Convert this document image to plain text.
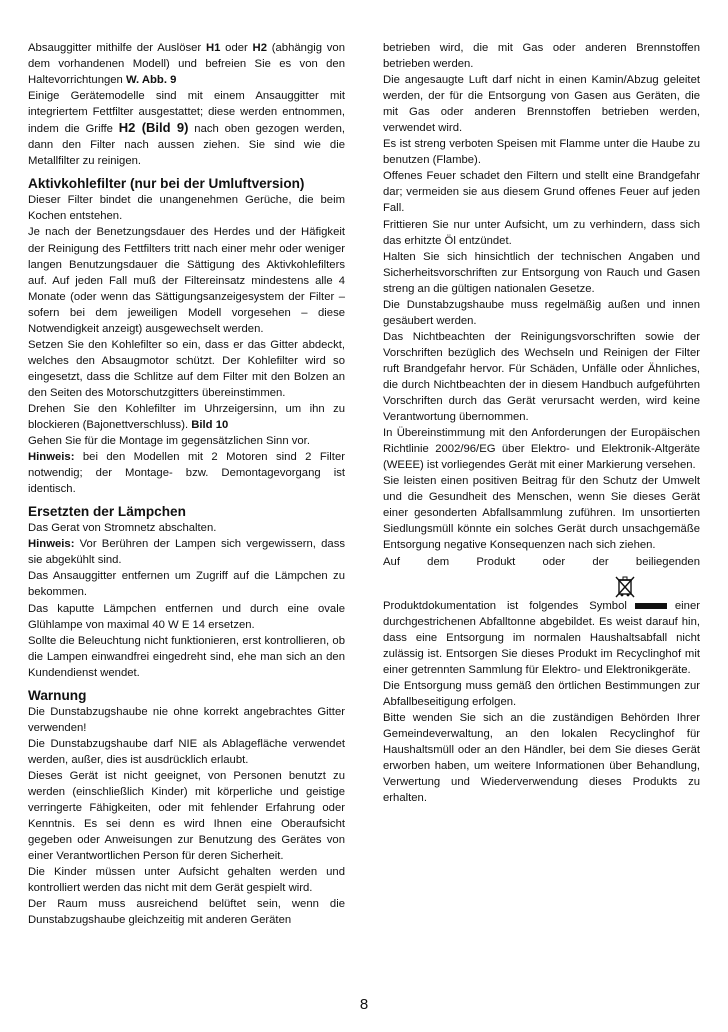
Absauggitter mithilfe der Auslöser H1 oder H2 (abhängig von dem vorhandenen Modell) und befreien Sie es von den Haltevorrichtungen W. Abb. 9

Einige Gerätemodelle sind mit einem Ansauggitter mit integriertem Fettfilter ausgestattet; diese werden entnommen, indem die Griffe H2 (Bild 9) nach oben gezogen werden, dann den Filter nach aussen ziehen. Sie sind wie die Metallfilter zu reinigen.

Aktivkohlefilter (nur bei der Umluftversion)

Dieser Filter bindet die unangenehmen Gerüche, die beim Kochen entstehen.

Je nach der Benetzungsdauer des Herdes und der Häfigkeit der Reinigung des Fettfilters tritt nach einer mehr oder weniger langen Benutzungsdauer die Sättigung des Aktivkohlefilters auf. Auf jeden Fall muß der Filtereinsatz mindestens alle 4 Monate (oder wenn das Sättigungsanzeigesystem der Filter – sofern bei dem jeweiligen Modell vorgesehen – diese Notwendigkeit anzeigt) ausgewechselt werden.

Setzen Sie den Kohlefilter so ein, dass er das Gitter abdeckt, welches den Absaugmotor schützt. Der Kohlefilter wird so eingesetzt, dass die Schlitze auf dem Filter mit den Bolzen an den Seiten des Motorschutzgitters übereinstimmen.

Drehen Sie den Kohlefilter im Uhrzeigersinn, um ihn zu blockieren (Bajonettverschluss). Bild 10

Gehen Sie für die Montage im gegensätzlichen Sinn vor.

Hinweis: bei den Modellen mit 2 Motoren sind 2 Filter notwendig; der Montage- bzw. Demontagevorgang ist identisch.

Ersetzten der Lämpchen

Das Gerat von Stromnetz abschalten.

Hinweis: Vor Berühren der Lampen sich vergewissern, dass sie abgekühlt sind.

Das Ansauggitter entfernen um Zugriff auf die Lämpchen zu bekommen.

Das kaputte Lämpchen entfernen und durch eine ovale Glühlampe von maximal 40 W E 14 ersetzen.

Sollte die Beleuchtung nicht funktionieren, erst kontrollieren, ob die Lampen einwandfrei eingedreht sind, ehe man sich an den Kundendienst wendet.

Warnung

Die Dunstabzugshaube nie ohne korrekt angebrachtes Gitter verwenden!

Die Dunstabzugshaube darf NIE als Ablagefläche verwendet werden, außer, dies ist ausdrücklich erlaubt.

Dieses Gerät ist nicht geeignet, von Personen benutzt zu werden (einschließlich Kinder) mit körperliche und geistige verringerte Fähigkeiten, oder mit fehlender Erfahrung oder Kenntnis. Es sei denn es wird Ihnen eine Oberaufsicht gegeben oder Anweisungen zur Benutzung des Gerätes von einer Verantwortlichen Person für deren Sicherheit.

Die Kinder müssen unter Aufsicht gehalten werden und kontrolliert werden das nicht mit dem Gerät gespielt wird.

Der Raum muss ausreichend belüftet sein, wenn die Dunstabzugshaube gleichzeitig mit anderen Geräten

betrieben wird, die mit Gas oder anderen Brennstoffen betrieben werden.

Die angesaugte Luft darf nicht in einen Kamin/Abzug geleitet werden, der für die Entsorgung von Gasen aus Geräten, die mit Gas oder anderen Brennstoffen betrieben werden, verwendet wird.

Es ist streng verboten Speisen mit Flamme unter die Haube zu benutzen (Flambe).

Offenes Feuer schadet den Filtern und stellt eine Brandgefahr dar; vermeiden sie aus diesem Grund offenes Feuer auf jeden Fall.

Frittieren Sie nur unter Aufsicht, um zu verhindern, dass sich das erhitzte Öl entzündet.

Halten Sie sich hinsichtlich der technischen Angaben und Sicherheitsvorschriften zur Entsorgung von Rauch und Gasen streng an die gültigen nationalen Gesetze.

Die Dunstabzugshaube muss regelmäßig außen und innen gesäubert werden.

Das Nichtbeachten der Reinigungsvorschriften sowie der Vorschriften bezüglich des Wechseln und Reinigen der Filter ruft Brandgefahr hervor. Für Schäden, Unfälle oder Ähnliches, die durch Nichtbeachten der in diesem Handbuch aufgeführten Vorschriften durch das Gerät verursacht werden, wird keine Verantwortung übernommen.

In Übereinstimmung mit den Anforderungen der Europäischen Richtlinie 2002/96/EG über Elektro- und Elektronik-Altgeräte (WEEE) ist vorliegendes Gerät mit einer Markierung versehen.

Sie leisten einen positiven Beitrag für den Schutz der Umwelt und die Gesundheit des Menschen, wenn Sie dieses Gerät einer gesonderten Abfallsammlung zuführen. Im unsortierten Siedlungsmüll könnte ein solches Gerät durch unsachgemäße Entsorgung negative Konsequenzen nach sich ziehen.

Auf dem Produkt oder der beiliegenden

Produktdokumentation ist folgendes Symbol	einer durchgestrichenen Abfalltonne abgebildet. Es weist darauf hin, dass eine Entsorgung im normalen Haushaltsabfall nicht zulässig ist. Entsorgen Sie dieses Produkt im Recyclinghof mit einer getrennten Sammlung für Elektro- und Elektronikgeräte.

Die Entsorgung muss gemäß den örtlichen Bestimmungen zur Abfallbeseitigung erfolgen.

Bitte wenden Sie sich an die zuständigen Behörden Ihrer Gemeindeverwaltung, an den lokalen Recyclinghof für Haushaltsmüll oder an den Händler, bei dem Sie dieses Gerät erworben haben, um weitere Informationen über Behandlung, Verwertung und Wiederverwendung dieses Produkts zu erhalten.

8
